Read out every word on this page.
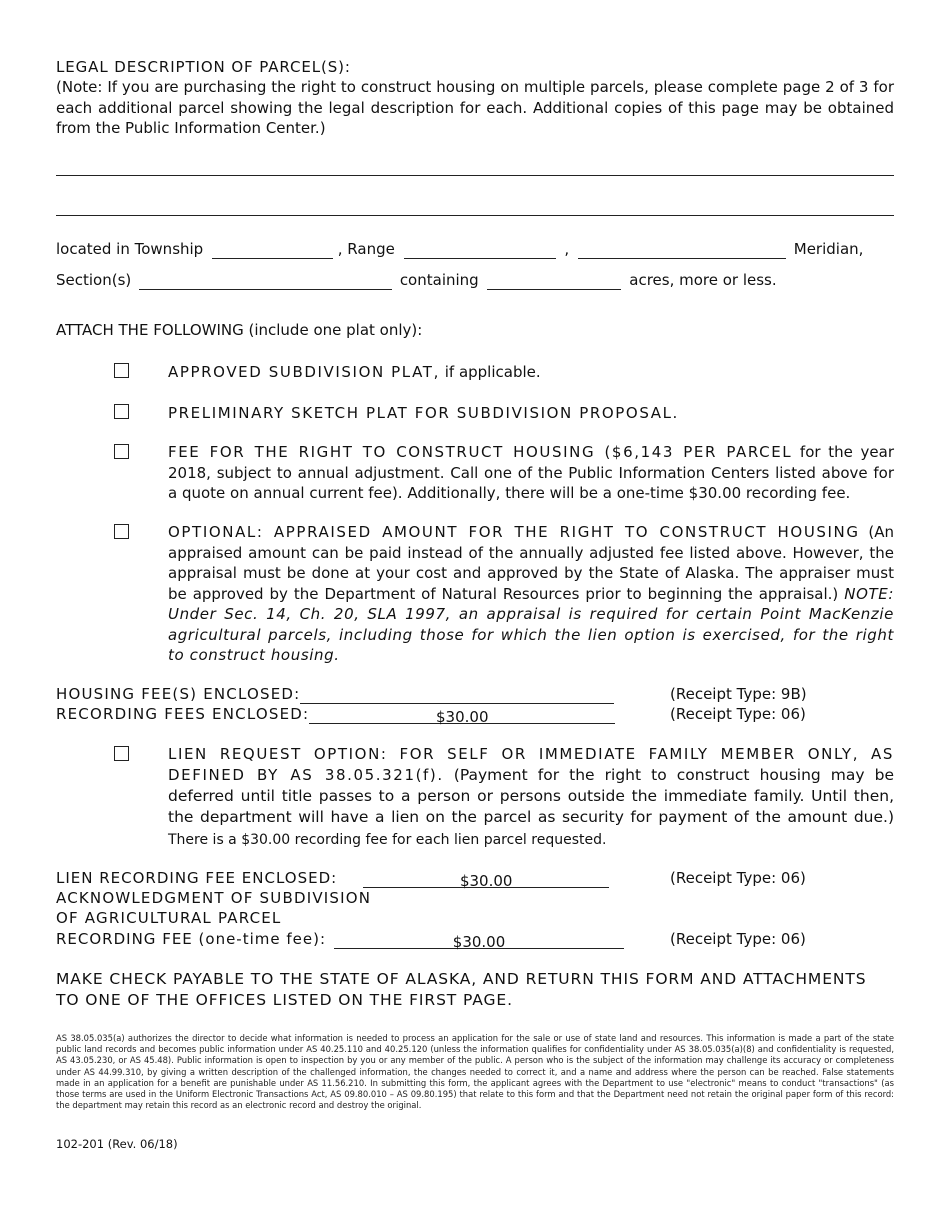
LEGAL DESCRIPTION OF PARCEL(S):
(Note: If you are purchasing the right to construct housing on multiple parcels, please complete page 2 of 3 for each additional parcel showing the legal description for each. Additional copies of this page may be obtained from the Public Information Center.)
located in Township	, Range	,	Meridian,
Section(s)	containing	acres, more or less.
ATTACH THE FOLLOWING (include one plat only):
APPROVED SUBDIVISION PLAT, if applicable.
PRELIMINARY SKETCH PLAT FOR SUBDIVISION PROPOSAL.
FEE FOR THE RIGHT TO CONSTRUCT HOUSING ($6,143 PER PARCEL for the year 2018, subject to annual adjustment. Call one of the Public Information Centers listed above for a quote on annual current fee). Additionally, there will be a one-time $30.00 recording fee.
OPTIONAL: APPRAISED AMOUNT FOR THE RIGHT TO CONSTRUCT HOUSING (An appraised amount can be paid instead of the annually adjusted fee listed above. However, the appraisal must be done at your cost and approved by the State of Alaska. The appraiser must be approved by the Department of Natural Resources prior to beginning the appraisal.) NOTE: Under Sec. 14, Ch. 20, SLA 1997, an appraisal is required for certain Point MacKenzie agricultural parcels, including those for which the lien option is exercised, for the right to construct housing.
HOUSING FEE(S) ENCLOSED:	(Receipt Type: 9B)
RECORDING FEES ENCLOSED:	$30.00	(Receipt Type: 06)
LIEN REQUEST OPTION: FOR SELF OR IMMEDIATE FAMILY MEMBER ONLY, AS DEFINED BY AS 38.05.321(f). (Payment for the right to construct housing may be deferred until title passes to a person or persons outside the immediate family. Until then, the department will have a lien on the parcel as security for payment of the amount due.) There is a $30.00 recording fee for each lien parcel requested.
LIEN RECORDING FEE ENCLOSED:	$30.00	(Receipt Type: 06)
ACKNOWLEDGMENT OF SUBDIVISION
OF AGRICULTURAL PARCEL
RECORDING FEE (one-time fee):	$30.00	(Receipt Type: 06)
MAKE CHECK PAYABLE TO THE STATE OF ALASKA, AND RETURN THIS FORM AND ATTACHMENTS TO ONE OF THE OFFICES LISTED ON THE FIRST PAGE.
AS 38.05.035(a) authorizes the director to decide what information is needed to process an application for the sale or use of state land and resources. This information is made a part of the state public land records and becomes public information under AS 40.25.110 and 40.25.120 (unless the information qualifies for confidentiality under AS 38.05.035(a)(8) and confidentiality is requested, AS 43.05.230, or AS 45.48). Public information is open to inspection by you or any member of the public. A person who is the subject of the information may challenge its accuracy or completeness under AS 44.99.310, by giving a written description of the challenged information, the changes needed to correct it, and a name and address where the person can be reached. False statements made in an application for a benefit are punishable under AS 11.56.210. In submitting this form, the applicant agrees with the Department to use "electronic" means to conduct "transactions" (as those terms are used in the Uniform Electronic Transactions Act, AS 09.80.010 – AS 09.80.195) that relate to this form and that the Department need not retain the original paper form of this record: the department may retain this record as an electronic record and destroy the original.
102-201 (Rev. 06/18)
